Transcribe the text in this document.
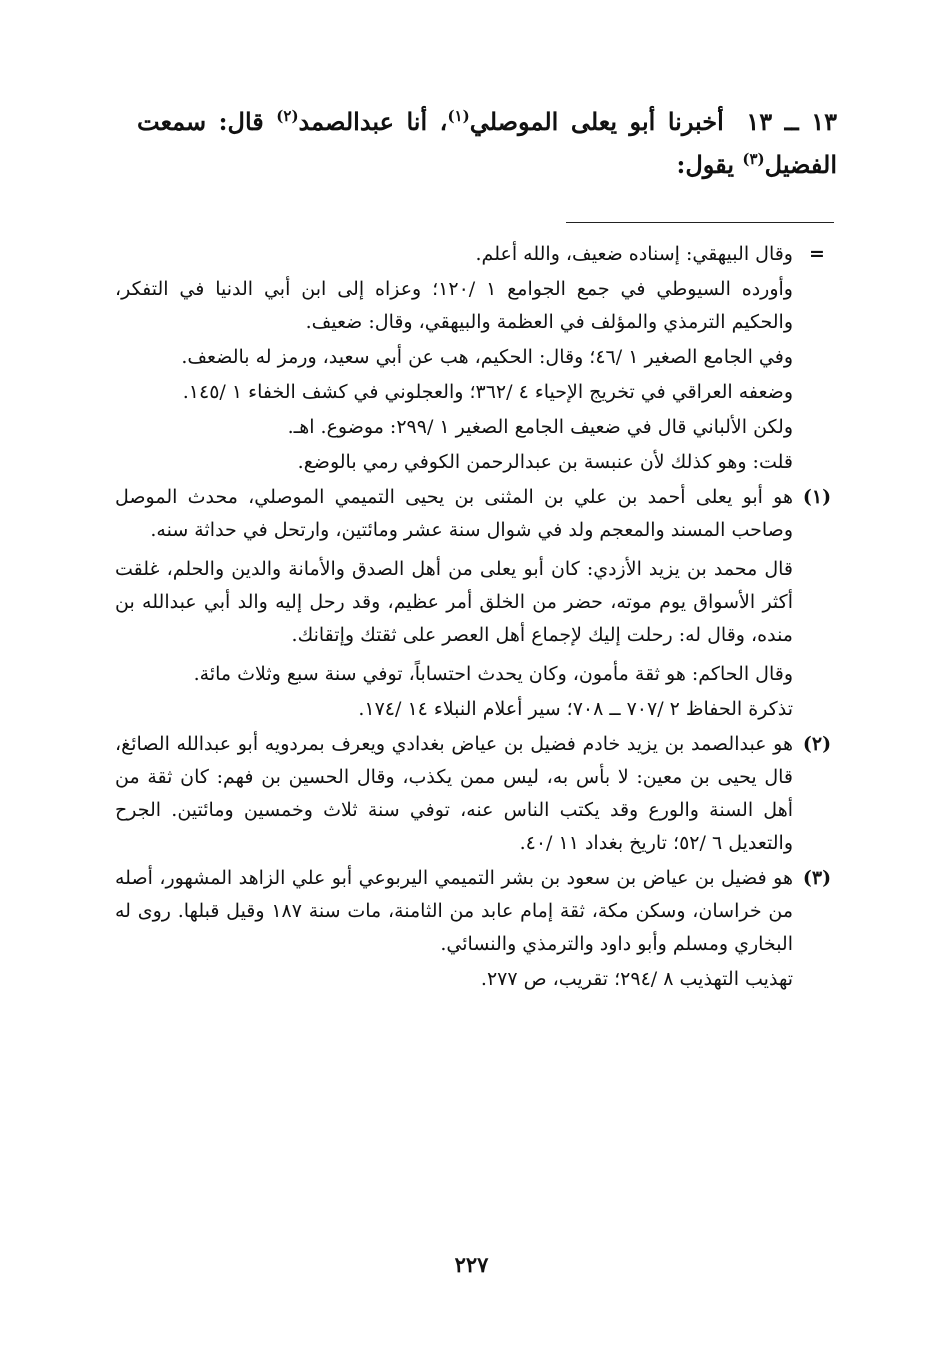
١٣ ــ ١٣ أخبرنا أبو يعلى الموصلي$^{(١)}$، أنا عبدالصمد$^{(٢)}$ قال: سمعت الفضيل$^{(٣)}$ يقول:
=

وقال البيهقي: إسناده ضعيف، والله أعلم.

وأورده السيوطي في جمع الجوامع ١ /١٢٠؛ وعزاه إلى ابن أبي الدنيا في التفكر، والحكيم الترمذي والمؤلف في العظمة والبيهقي، وقال: ضعيف.

وفي الجامع الصغير ١ /٤٦؛ وقال: الحكيم، هب عن أبي سعيد، ورمز له بالضعف.

وضعفه العراقي في تخريج الإحياء ٤ /٣٦٢؛ والعجلوني في كشف الخفاء ١ /١٤٥.

ولكن الألباني قال في ضعيف الجامع الصغير ١ /٢٩٩: موضوع. اهـ.

قلت: وهو كذلك لأن عنبسة بن عبدالرحمن الكوفي رمي بالوضع.

(١)

هو أبو يعلى أحمد بن علي بن المثنى بن يحيى التميمي الموصلي، محدث الموصل وصاحب المسند والمعجم ولد في شوال سنة عشر ومائتين، وارتحل في حداثة سنه.

قال محمد بن يزيد الأزدي: كان أبو يعلى من أهل الصدق والأمانة والدين والحلم، غلقت أكثر الأسواق يوم موته، حضر من الخلق أمر عظيم، وقد رحل إليه والد أبي عبدالله بن منده، وقال له: رحلت إليك لإجماع أهل العصر على ثقتك وإتقانك.

وقال الحاكم: هو ثقة مأمون، وكان يحدث احتساباً، توفي سنة سبع وثلاث مائة.

تذكرة الحفاظ ٢ /٧٠٧ ــ ٧٠٨؛ سير أعلام النبلاء ١٤ /١٧٤.

(٢)

هو عبدالصمد بن يزيد خادم فضيل بن عياض بغدادي ويعرف بمردويه أبو عبدالله الصائغ، قال يحيى بن معين: لا بأس به، ليس ممن يكذب، وقال الحسين بن فهم: كان ثقة من أهل السنة والورع وقد يكتب الناس عنه، توفي سنة ثلاث وخمسين ومائتين. الجرح والتعديل ٦ /٥٢؛ تاريخ بغداد ١١ /٤٠.

(٣)

هو فضيل بن عياض بن سعود بن بشر التميمي اليربوعي أبو علي الزاهد المشهور، أصله من خراسان، وسكن مكة، ثقة إمام عابد من الثامنة، مات سنة ١٨٧ وقيل قبلها. روى له البخاري ومسلم وأبو داود والترمذي والنسائي.

تهذيب التهذيب ٨ /٢٩٤؛ تقريب، ص ٢٧٧.

٢٢٧
